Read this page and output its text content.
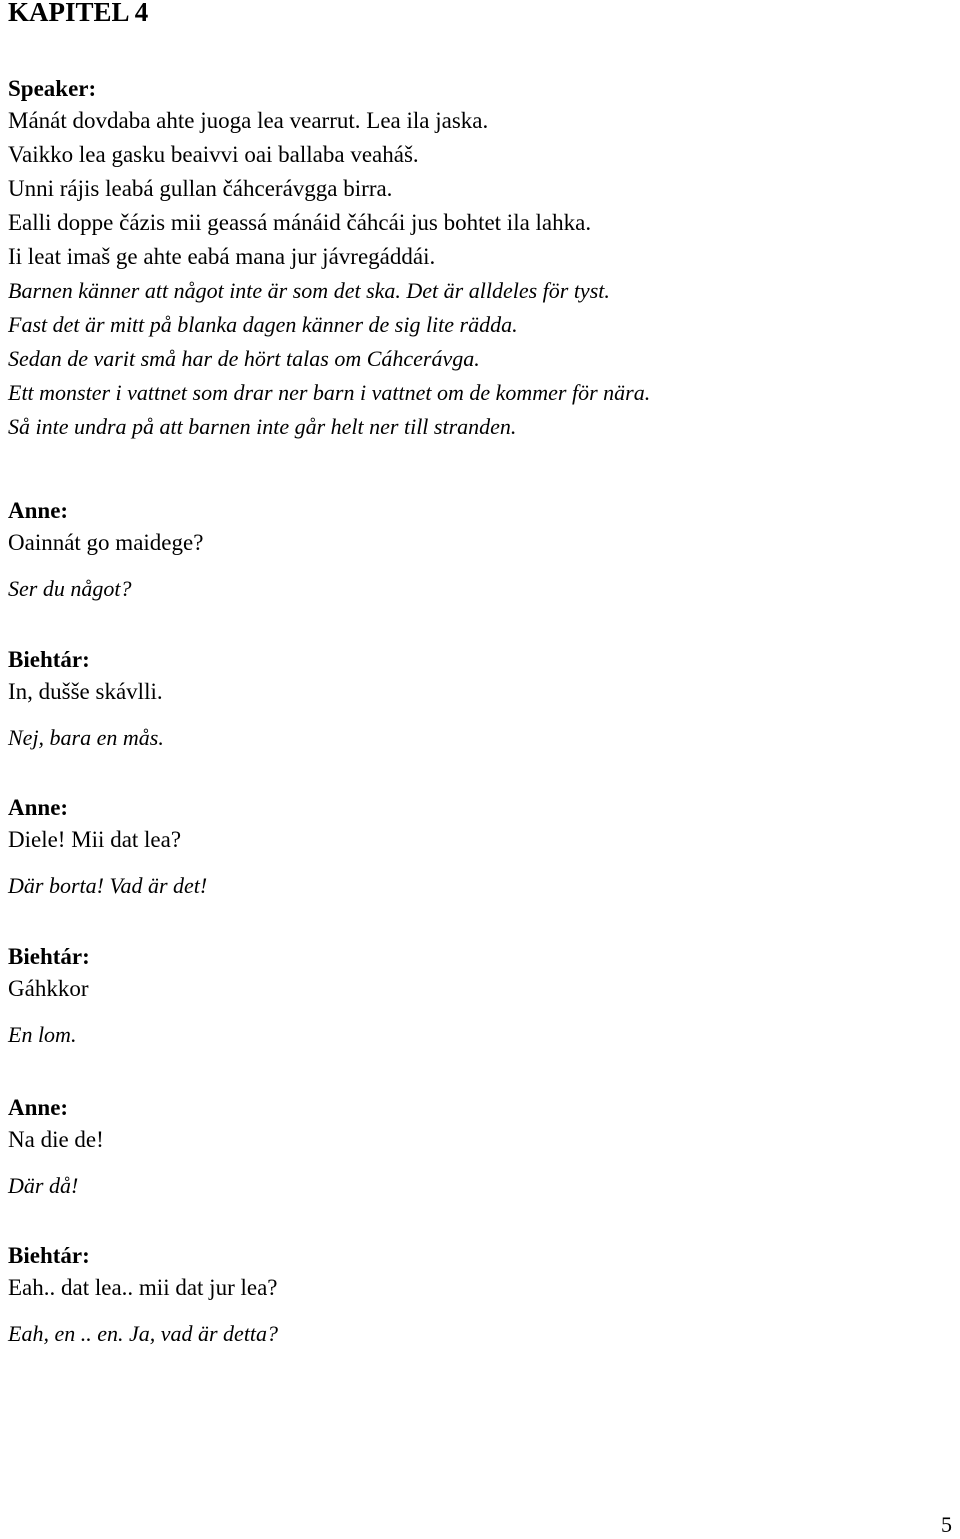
KAPITEL 4

Speaker:

Mánát dovdaba ahte juoga lea vearrut. Lea ila jaska.

Vaikko lea gasku beaivvi oai ballaba veaháš.

Unni rájis leabá gullan čáhcerávgga birra.

Ealli doppe čázis mii geassá mánáid čáhcái jus bohtet ila lahka.

Ii leat imaš ge ahte eabá mana jur jávregáddái.

Barnen känner att något inte är som det ska. Det är alldeles för tyst.

Fast det är mitt på blanka dagen känner de sig lite rädda.

Sedan de varit små har de hört talas om Cáhcerávga.

Ett monster i vattnet som drar ner barn i vattnet om de kommer för nära.

Så inte undra på att barnen inte går helt ner till stranden.

Anne:

Oainnát go maidege?

Ser du något?

Biehtár:

In, dušše skávlli.

Nej, bara en mås.

Anne:

Diele! Mii dat lea?

Där borta! Vad är det!

Biehtár:

Gáhkkor

En lom.

Anne:

Na die de!

Där då!

Biehtár:

Eah.. dat lea.. mii dat jur lea?

Eah, en .. en. Ja, vad är detta?

5
